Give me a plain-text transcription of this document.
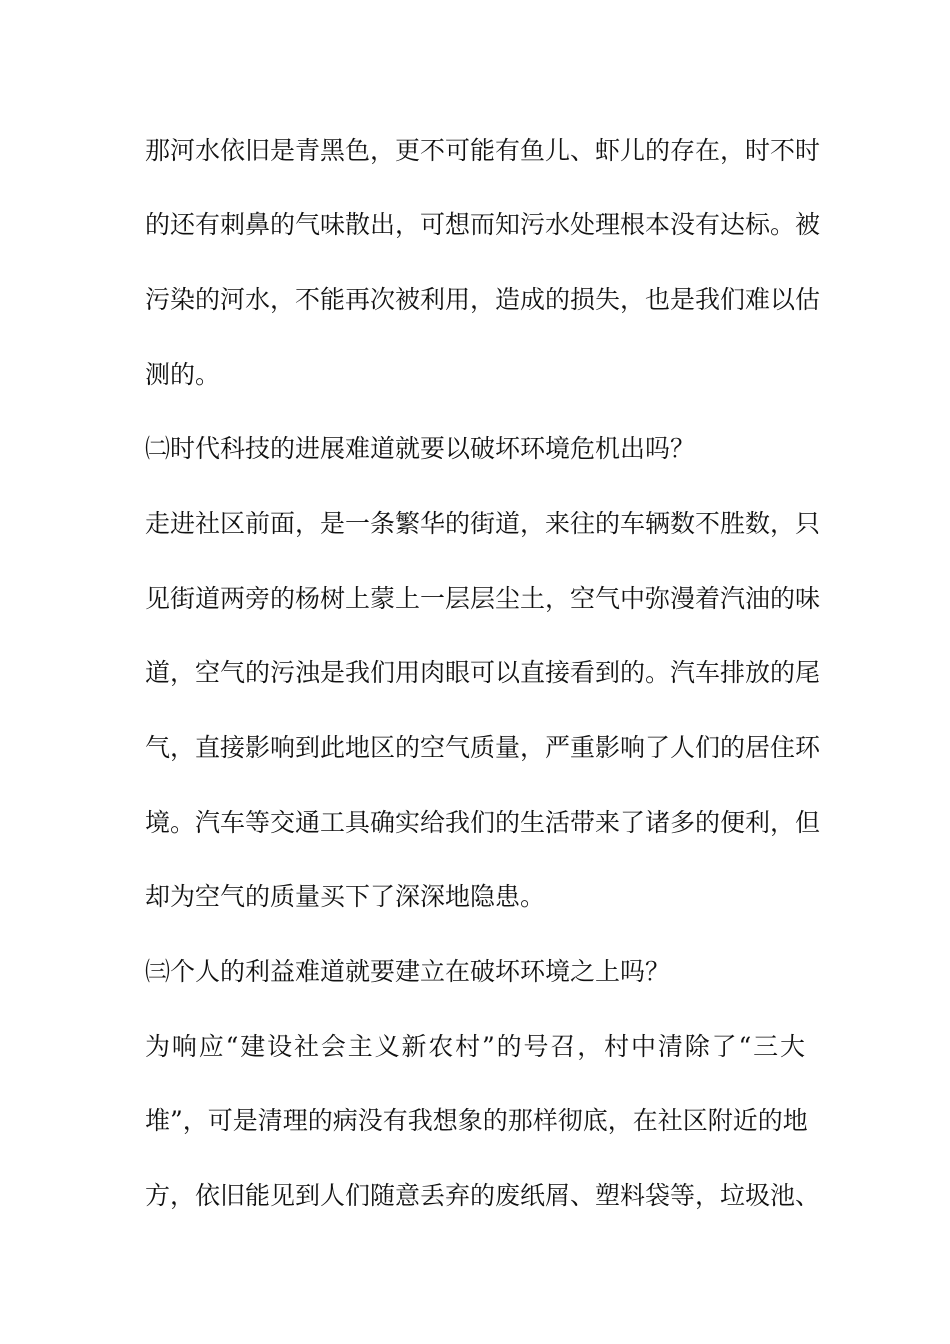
那河水依旧是青黑色，更不可能有鱼儿、虾儿的存在，时不时

的还有刺鼻的气味散出，可想而知污水处理根本没有达标。被

污染的河水，不能再次被利用，造成的损失，也是我们难以估

测的。

㈡时代科技的进展难道就要以破坏环境危机出吗？

走进社区前面，是一条繁华的街道，来往的车辆数不胜数，只

见街道两旁的杨树上蒙上一层层尘土，空气中弥漫着汽油的味

道，空气的污浊是我们用肉眼可以直接看到的。汽车排放的尾

气，直接影响到此地区的空气质量，严重影响了人们的居住环

境。汽车等交通工具确实给我们的生活带来了诸多的便利，但

却为空气的质量买下了深深地隐患。

㈢个人的利益难道就要建立在破坏环境之上吗？

为响应“建设社会主义新农村”的号召，村中清除了“三大

堆”，可是清理的病没有我想象的那样彻底，在社区附近的地

方，依旧能见到人们随意丢弃的废纸屑、塑料袋等，垃圾池、
